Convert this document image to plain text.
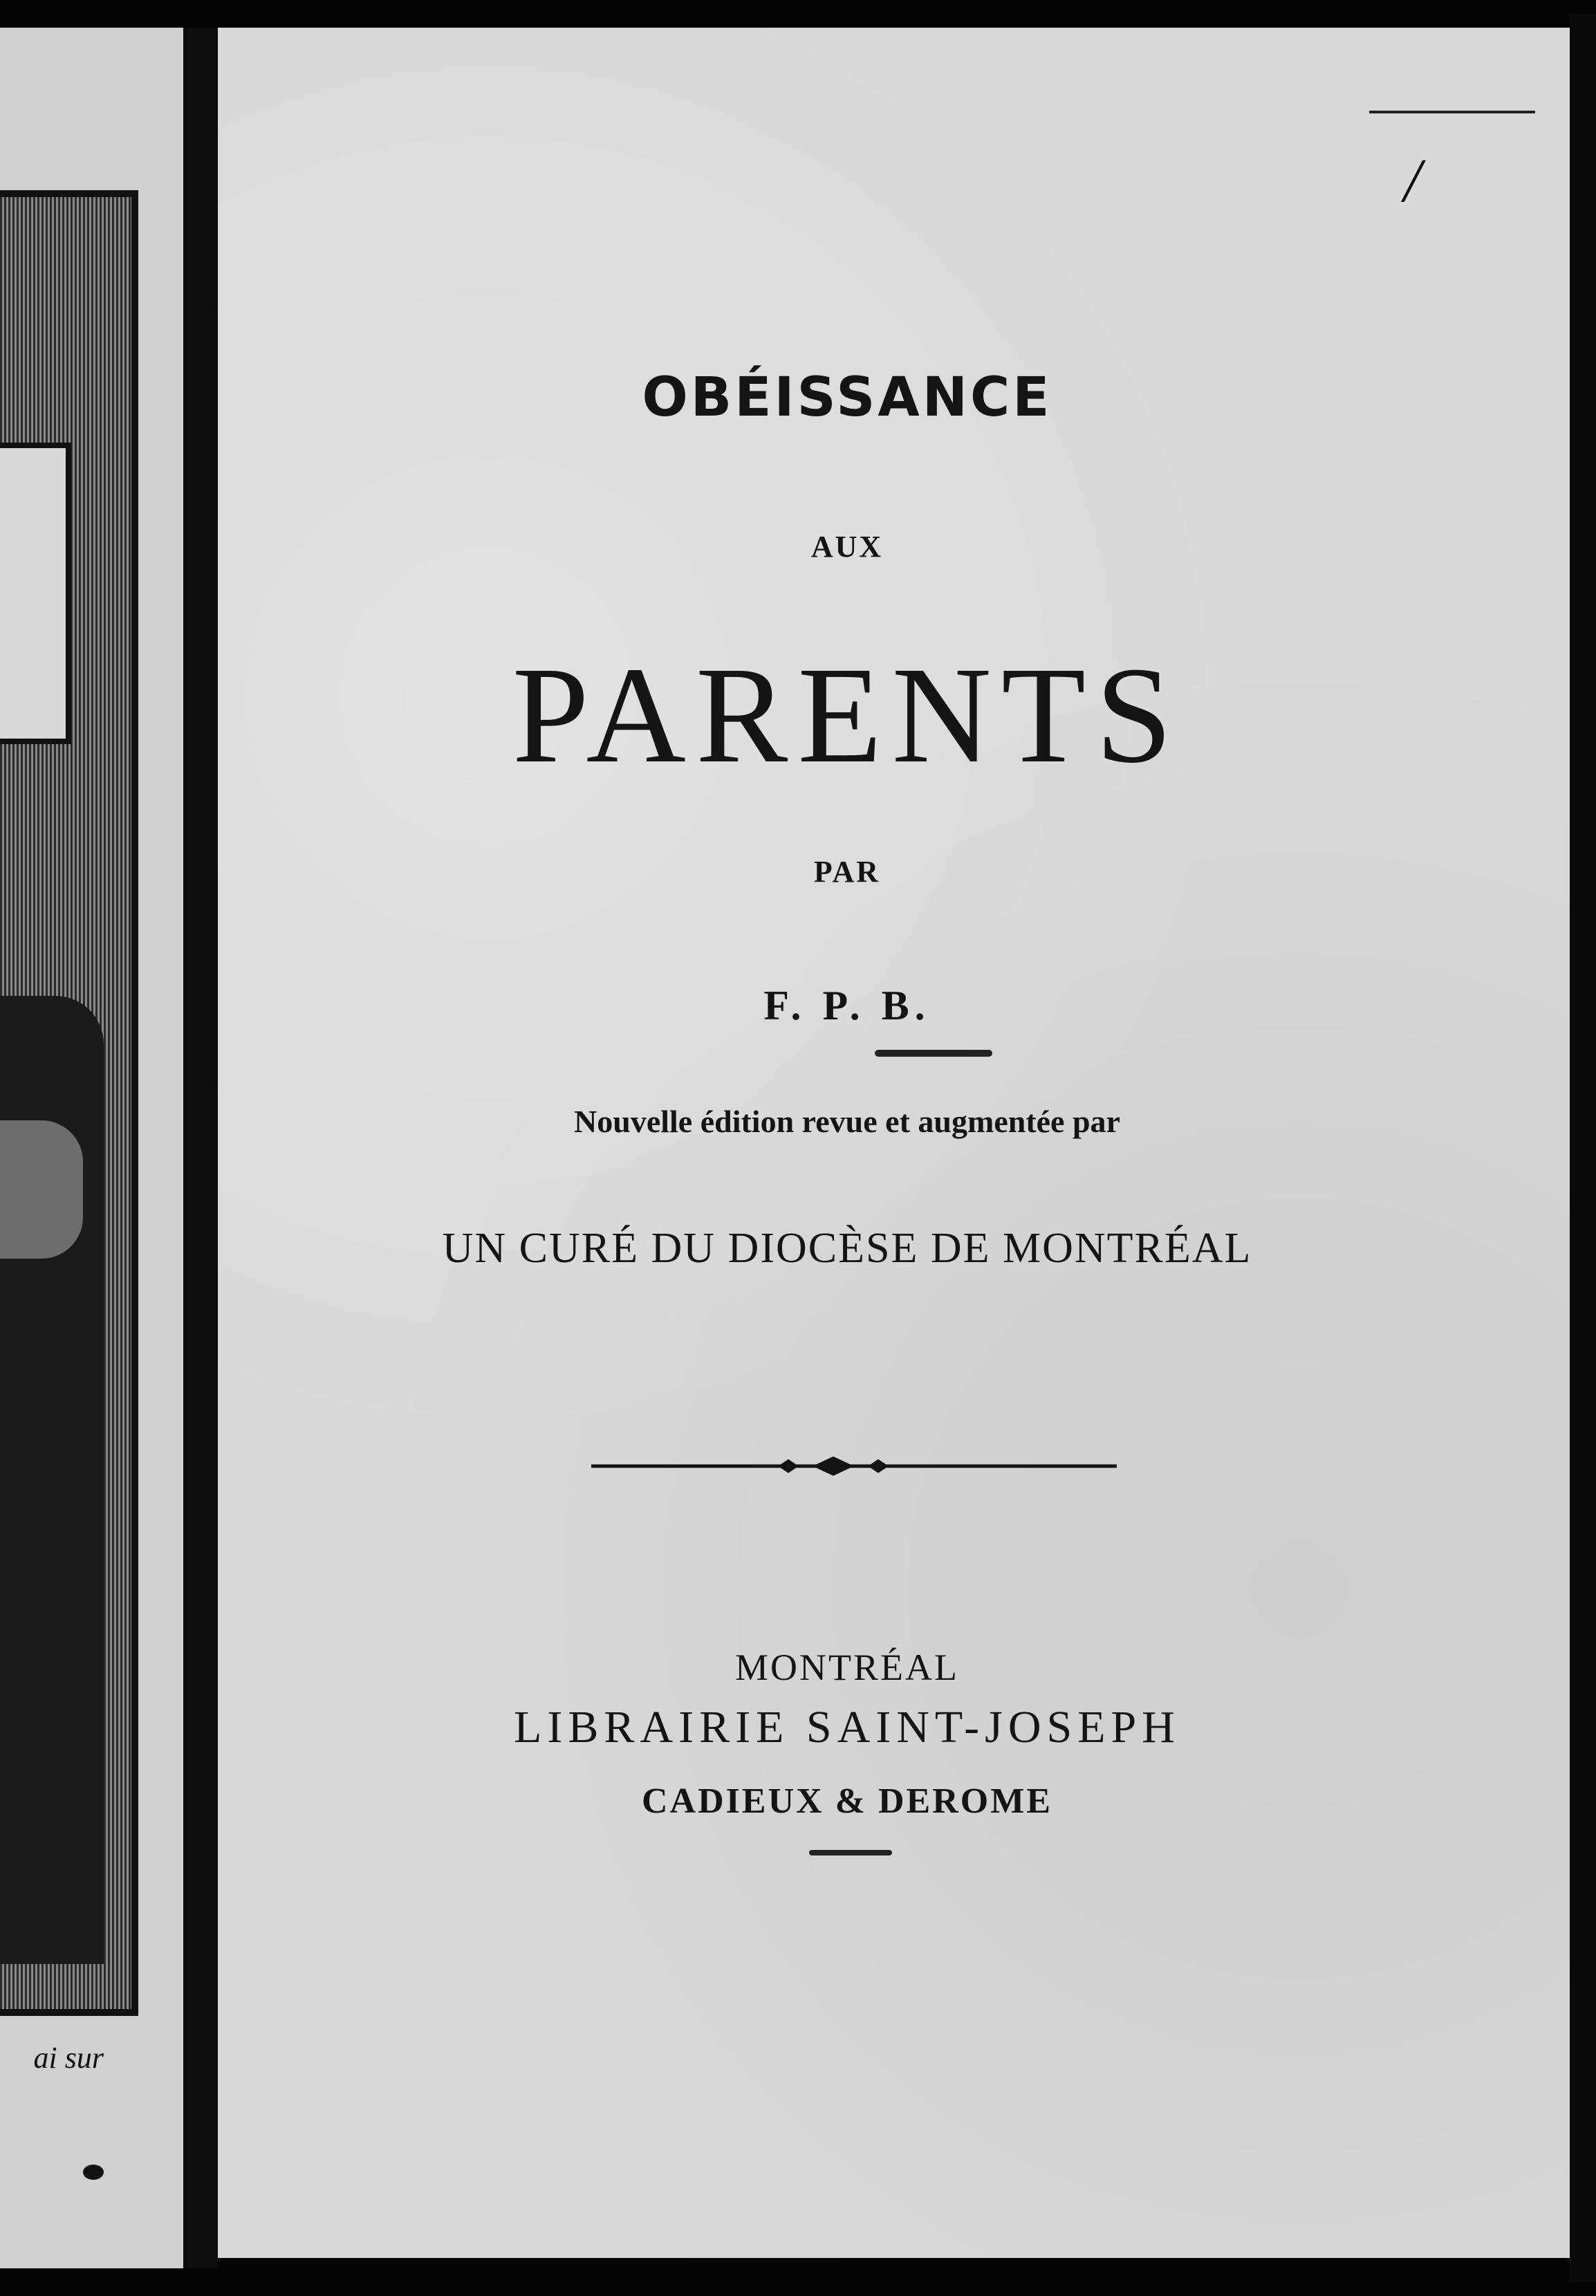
ai sur
/
OBÉISSANCE
AUX
PARENTS
PAR
F. P. B.
Nouvelle édition revue et augmentée par
UN CURÉ DU DIOCÈSE DE MONTRÉAL
MONTRÉAL
LIBRAIRIE SAINT-JOSEPH
CADIEUX & DEROME
